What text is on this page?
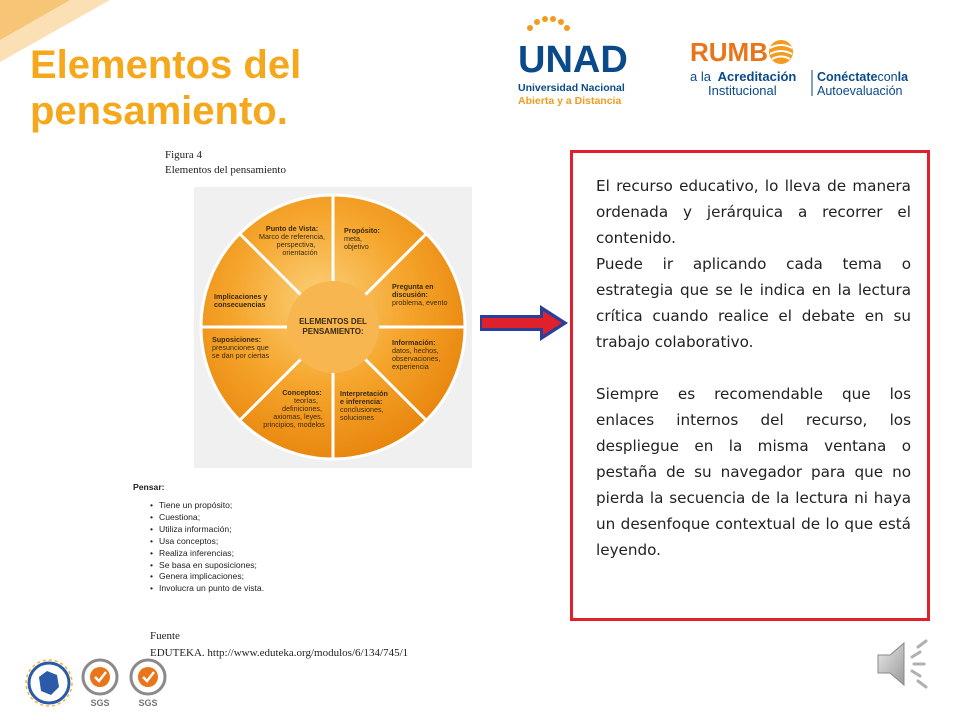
Elementos del
pensamiento.
UNAD
Universidad Nacional
Abierta y a Distancia
RUMB
a la Acreditación
Institucional
Conéctateconla
Autoevaluación
Figura 4
Elementos del pensamiento
ELEMENTOS DEL
PENSAMIENTO:
Punto de Vista:
Marco de referencia,
perspectiva,
orientación
Propósito:
meta,
objetivo
Pregunta en
discusión:
problema, evento
Información:
datos, hechos,
observaciones,
experiencia
Interpretación
e inferencia:
conclusiones,
soluciones
Conceptos:
teorías,
definiciones,
axiomas, leyes,
principios, modelos
Suposiciones:
presunciones que
se dan por ciertas
Implicaciones y
consecuencias
Pensar:
• Tiene un propósito;
• Cuestiona;
• Utiliza información;
• Usa conceptos;
• Realiza inferencias;
• Se basa en suposiciones;
• Genera implicaciones;
• Involucra un punto de vista.
Fuente
EDUTEKA. http://www.eduteka.org/modulos/6/134/745/1

El recurso educativo, lo lleva de manera ordenada y jerárquica a recorrer el contenido.

Puede ir aplicando cada tema o estrategia que se le indica en la lectura crítica cuando realice el debate en su trabajo colaborativo.

Siempre es recomendable que los enlaces internos del recurso, los despliegue en la misma ventana o pestaña de su navegador para que no pierda la secuencia de la lectura ni haya un desenfoque contextual de lo que está leyendo.

SGS	SGS
